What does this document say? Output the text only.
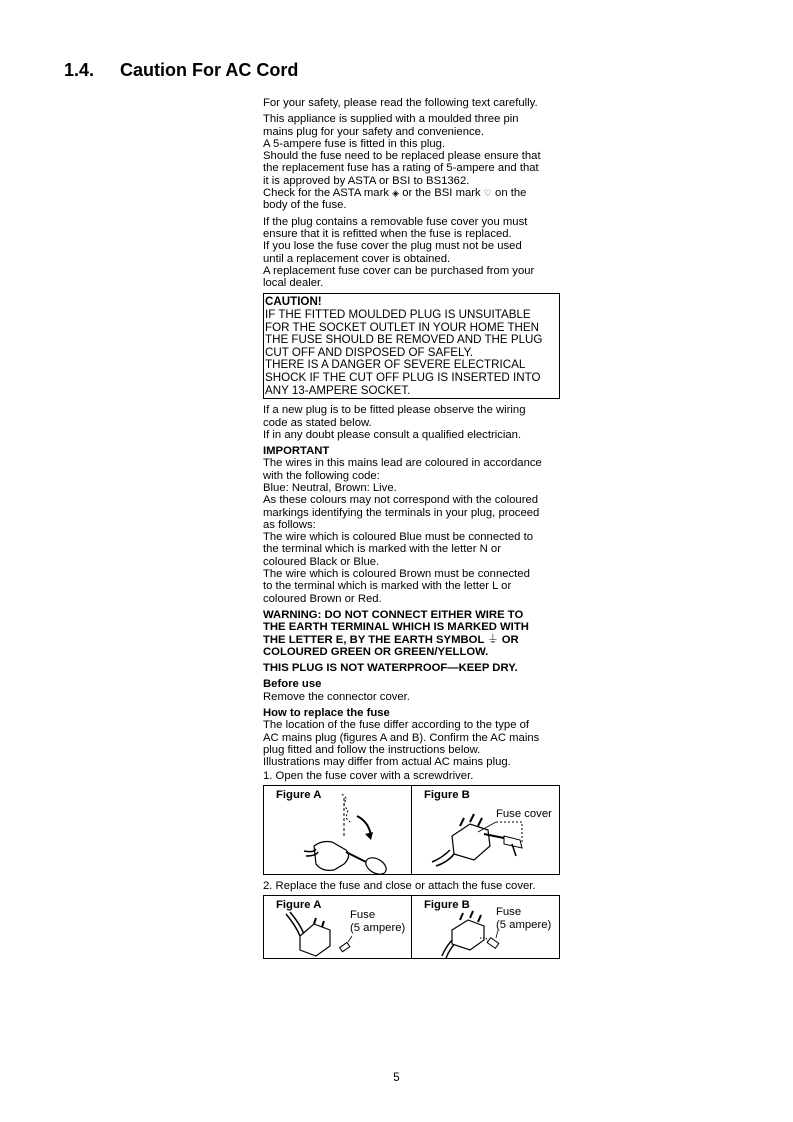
1.4. Caution For AC Cord
For your safety, please read the following text carefully.
This appliance is supplied with a moulded three pin
mains plug for your safety and convenience.
A 5-ampere fuse is fitted in this plug.
Should the fuse need to be replaced please ensure that
the replacement fuse has a rating of 5-ampere and that
it is approved by ASTA or BSI to BS1362.
Check for the ASTA mark ◈ or the BSI mark ♡ on the
body of the fuse.
If the plug contains a removable fuse cover you must
ensure that it is refitted when the fuse is replaced.
If you lose the fuse cover the plug must not be used
until a replacement cover is obtained.
A replacement fuse cover can be purchased from your
local dealer.
CAUTION!
IF THE FITTED MOULDED PLUG IS UNSUITABLE
FOR THE SOCKET OUTLET IN YOUR HOME THEN
THE FUSE SHOULD BE REMOVED AND THE PLUG
CUT OFF AND DISPOSED OF SAFELY.
THERE IS A DANGER OF SEVERE ELECTRICAL
SHOCK IF THE CUT OFF PLUG IS INSERTED INTO
ANY 13-AMPERE SOCKET.
If a new plug is to be fitted please observe the wiring
code as stated below.
If in any doubt please consult a qualified electrician.
IMPORTANT
The wires in this mains lead are coloured in accordance
with the following code:
Blue: Neutral, Brown: Live.
As these colours may not correspond with the coloured
markings identifying the terminals in your plug, proceed
as follows:
The wire which is coloured Blue must be connected to
the terminal which is marked with the letter N or
coloured Black or Blue.
The wire which is coloured Brown must be connected
to the terminal which is marked with the letter L or
coloured Brown or Red.
WARNING: DO NOT CONNECT EITHER WIRE TO
THE EARTH TERMINAL WHICH IS MARKED WITH
THE LETTER E, BY THE EARTH SYMBOL ⏚ OR
COLOURED GREEN OR GREEN/YELLOW.
THIS PLUG IS NOT WATERPROOF—KEEP DRY.
Before use
Remove the connector cover.
How to replace the fuse
The location of the fuse differ according to the type of
AC mains plug (figures A and B). Confirm the AC mains
plug fitted and follow the instructions below.
Illustrations may differ from actual AC mains plug.
1. Open the fuse cover with a screwdriver.
Figure A	Figure B
Fuse cover
2. Replace the fuse and close or attach the fuse cover.
Figure A
Fuse
(5 ampere)
Figure B
Fuse
(5 ampere)
5
